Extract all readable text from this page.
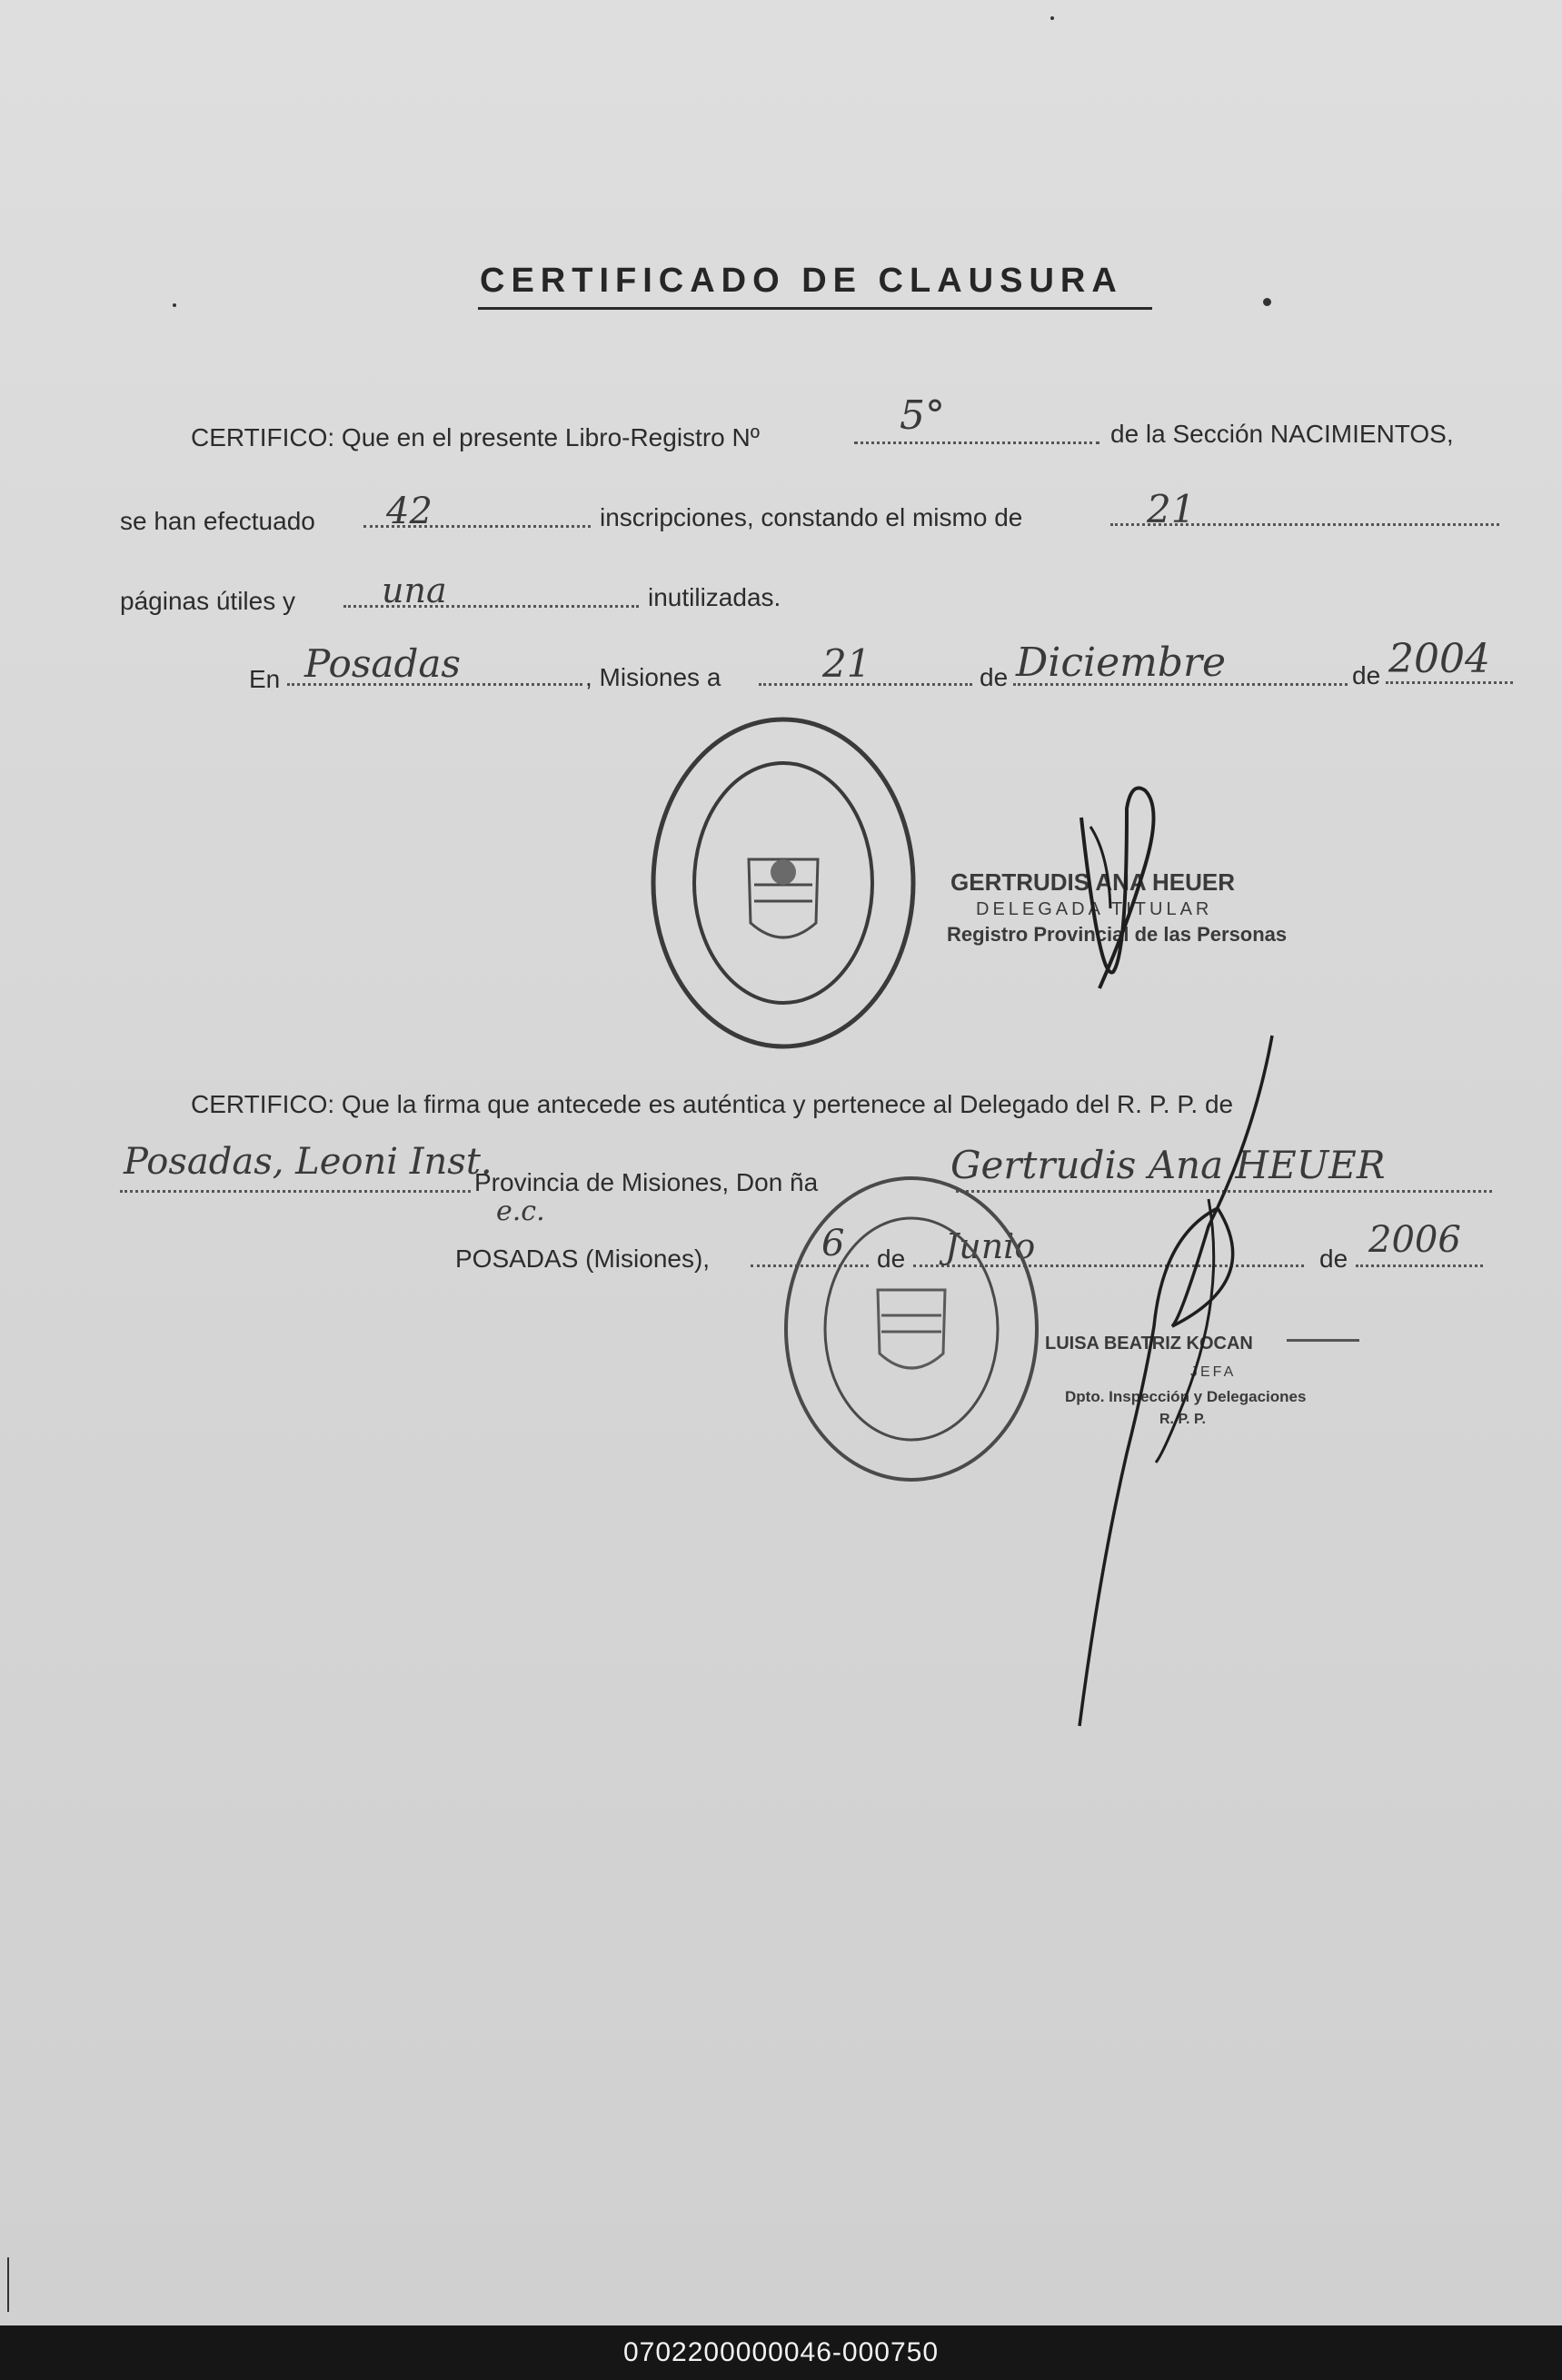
CERTIFICADO DE CLAUSURA
CERTIFICO: Que en el presente Libro-Registro Nº	5°	de la Sección NACIMIENTOS,
se han efectuado 42	inscripciones, constando el mismo de	21
páginas útiles y una	inutilizadas.
En Posadas	, Misiones a	21	de Diciembre	de 2004
GERTRUDIS ANA HEUER
DELEGADA TITULAR
Registro Provincial de las Personas
CERTIFICO: Que la firma que antecede es auténtica y pertenece al Delegado del R. P. P. de
Posadas, Leoni Inst.
Provincia de Misiones, Don ña	Gertrudis Ana HEUER
e.c.
POSADAS (Misiones),	6 de Junio	de 2006
LUISA BEATRIZ KOCAN
JEFA
Dpto. Inspección y Delegaciones
R. P. P.
0702200000046-000750
